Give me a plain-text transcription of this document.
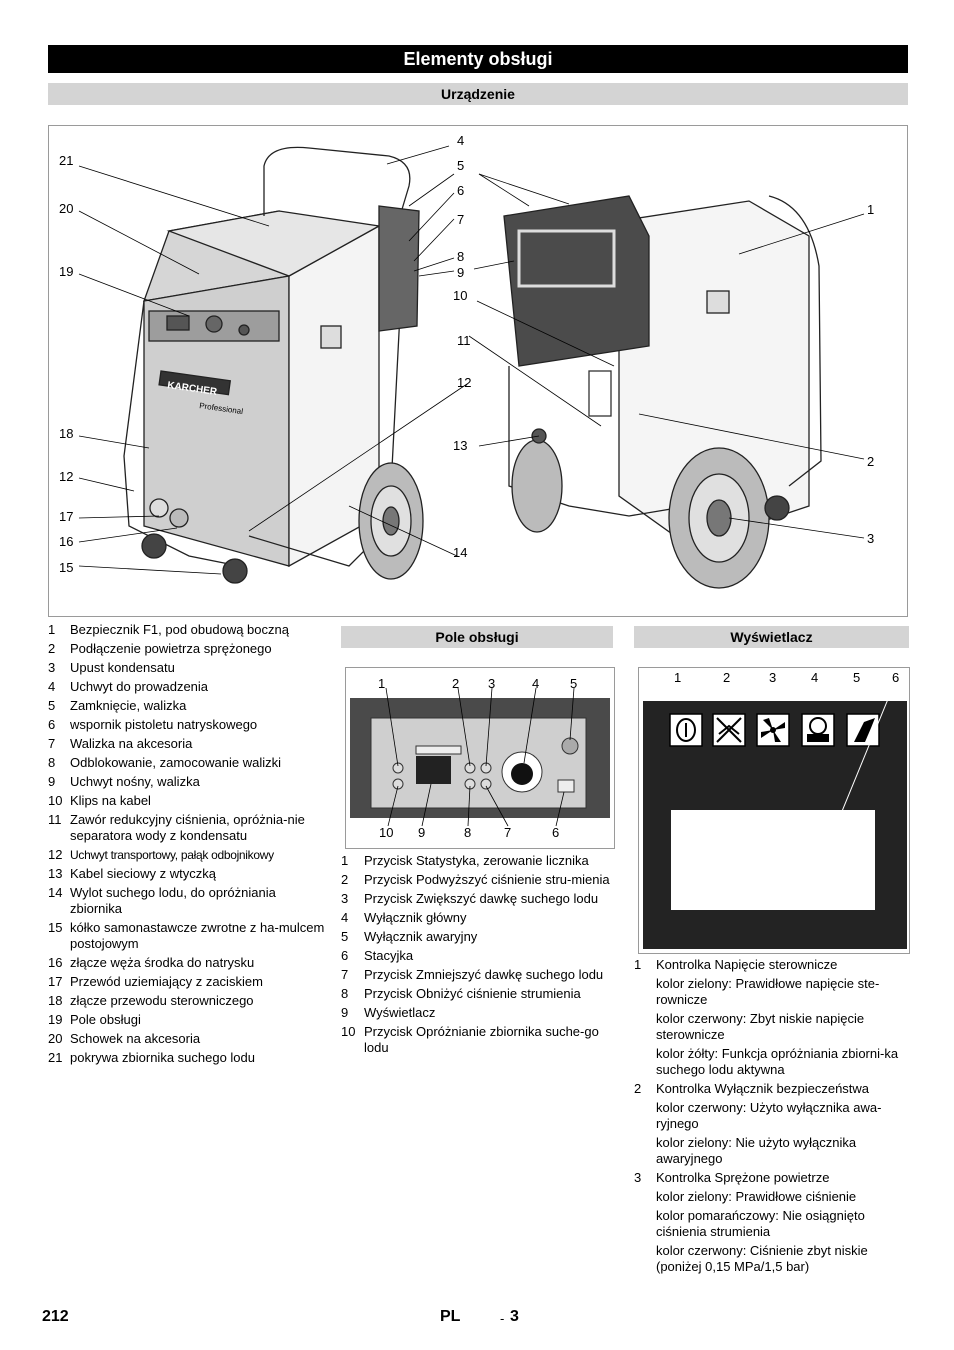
Elementy obsługi
Urządzenie
KARCHER
Professional
21
20
19
18
12
17
16
15
4
5
6
7
8
9
10
11
12
13
14
1
2
3
1 Bezpiecznik F1, pod obudową boczną
2 Podłączenie powietrza sprężonego
3 Upust kondensatu
4 Uchwyt do prowadzenia
5 Zamknięcie, walizka
6 wspornik pistoletu natryskowego
7 Walizka na akcesoria
8 Odblokowanie, zamocowanie walizki
9 Uchwyt nośny, walizka
10 Klips na kabel
11 Zawór redukcyjny ciśnienia, opróżnia-nie separatora wody z kondensatu
12 Uchwyt transportowy, pałąk odbojnikowy
13 Kabel sieciowy z wtyczką
14 Wylot suchego lodu, do opróżniania zbiornika
15 kółko samonastawcze zwrotne z ha-mulcem postojowym
16 złącze węża środka do natrysku
17 Przewód uziemiający z zaciskiem
18 złącze przewodu sterowniczego
19 Pole obsługi
20 Schowek na akcesoria
21 pokrywa zbiornika suchego lodu
Pole obsługi
1	2 3	4 5
10 9	8	7	6
1 Przycisk Statystyka, zerowanie licznika
2 Przycisk Podwyższyć ciśnienie stru-mienia
3 Przycisk Zwiększyć dawkę suchego lodu
4 Wyłącznik główny
5 Wyłącznik awaryjny
6 Stacyjka
7 Przycisk Zmniejszyć dawkę suchego lodu
8 Przycisk Obniżyć ciśnienie strumienia
9 Wyświetlacz
10 Przycisk Opróżnianie zbiornika suche-go lodu
Wyświetlacz
1	2	3	4	5 6
1 Kontrolka Napięcie sterownicze
kolor zielony: Prawidłowe napięcie ste-rownicze
kolor czerwony: Zbyt niskie napięcie sterownicze
kolor żółty: Funkcja opróżniania zbiorni-ka suchego lodu aktywna
2 Kontrolka Wyłącznik bezpieczeństwa
kolor czerwony: Użyto wyłącznika awa-ryjnego
kolor zielony: Nie użyto wyłącznika awaryjnego
3 Kontrolka Sprężone powietrze
kolor zielony: Prawidłowe ciśnienie
kolor pomarańczowy: Nie osiągnięto ciśnienia strumienia
kolor czerwony: Ciśnienie zbyt niskie (poniżej 0,15 MPa/1,5 bar)
212	PL	- 3
